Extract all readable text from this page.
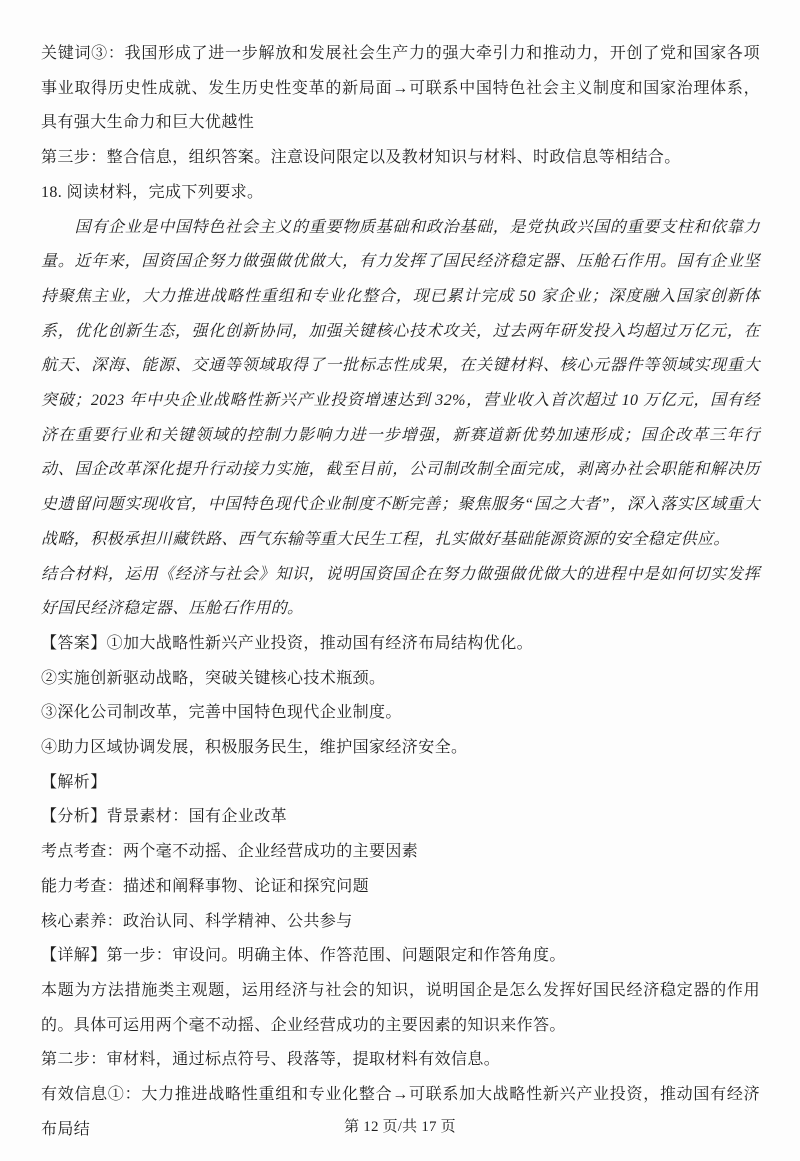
关键词③：我国形成了进一步解放和发展社会生产力的强大牵引力和推动力，开创了党和国家各项事业取得历史性成就、发生历史性变革的新局面→可联系中国特色社会主义制度和国家治理体系，具有强大生命力和巨大优越性

第三步：整合信息，组织答案。注意设问限定以及教材知识与材料、时政信息等相结合。

18. 阅读材料，完成下列要求。

国有企业是中国特色社会主义的重要物质基础和政治基础，是党执政兴国的重要支柱和依靠力量。近年来，国资国企努力做强做优做大，有力发挥了国民经济稳定器、压舱石作用。国有企业坚持聚焦主业，大力推进战略性重组和专业化整合，现已累计完成 50 家企业；深度融入国家创新体系，优化创新生态，强化创新协同，加强关键核心技术攻关，过去两年研发投入均超过万亿元，在航天、深海、能源、交通等领域取得了一批标志性成果，在关键材料、核心元器件等领域实现重大突破；2023 年中央企业战略性新兴产业投资增速达到 32%，营业收入首次超过 10 万亿元，国有经济在重要行业和关键领域的控制力影响力进一步增强，新赛道新优势加速形成；国企改革三年行动、国企改革深化提升行动接力实施，截至目前，公司制改制全面完成，剥离办社会职能和解决历史遗留问题实现收官，中国特色现代企业制度不断完善；聚焦服务“国之大者”，深入落实区域重大战略，积极承担川藏铁路、西气东输等重大民生工程，扎实做好基础能源资源的安全稳定供应。

结合材料，运用《经济与社会》知识，说明国资国企在努力做强做优做大的进程中是如何切实发挥好国民经济稳定器、压舱石作用的。

【答案】①加大战略性新兴产业投资，推动国有经济布局结构优化。

②实施创新驱动战略，突破关键核心技术瓶颈。

③深化公司制改革，完善中国特色现代企业制度。

④助力区域协调发展，积极服务民生，维护国家经济安全。

【解析】

【分析】背景素材：国有企业改革

考点考查：两个毫不动摇、企业经营成功的主要因素

能力考查：描述和阐释事物、论证和探究问题

核心素养：政治认同、科学精神、公共参与

【详解】第一步：审设问。明确主体、作答范围、问题限定和作答角度。

本题为方法措施类主观题，运用经济与社会的知识，说明国企是怎么发挥好国民经济稳定器的作用的。具体可运用两个毫不动摇、企业经营成功的主要因素的知识来作答。

第二步：审材料，通过标点符号、段落等，提取材料有效信息。

有效信息①：大力推进战略性重组和专业化整合→可联系加大战略性新兴产业投资，推动国有经济布局结	第 12 页/共 17 页
